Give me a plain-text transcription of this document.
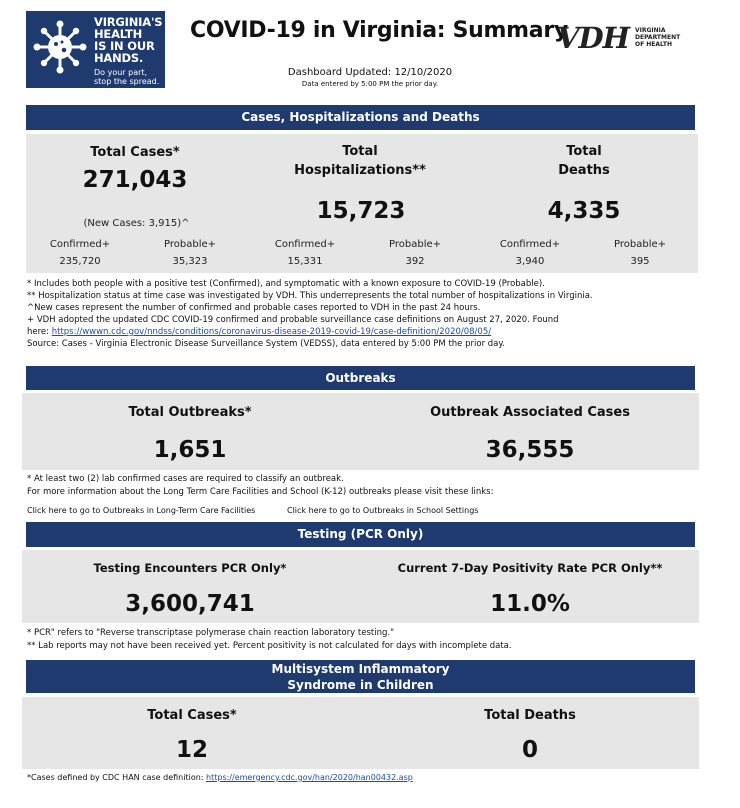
VIRGINIA'S
HEALTH
IS IN OUR
HANDS.
Do your part,
stop the spread.
COVID-19 in Virginia: Summary
VDH VIRGINIA
DEPARTMENT
OF HEALTH
Dashboard Updated: 12/10/2020
Data entered by 5:00 PM the prior day.
Cases, Hospitalizations and Deaths
Total Cases*
271,043
(New Cases: 3,915)^
Total
Hospitalizations**
15,723
Total
Deaths
4,335
Confirmed+
235,720
Probable+
35,323
Confirmed+
15,331
Probable+
392
Confirmed+
3,940
Probable+
395
* Includes both people with a positive test (Confirmed), and symptomatic with a known exposure to COVID-19 (Probable).
** Hospitalization status at time case was investigated by VDH. This underrepresents the total number of hospitalizations in Virginia.
^New cases represent the number of confirmed and probable cases reported to VDH in the past 24 hours.
+ VDH adopted the updated CDC COVID-19 confirmed and probable surveillance case definitions on August 27, 2020. Found
here: https://wwwn.cdc.gov/nndss/conditions/coronavirus-disease-2019-covid-19/case-definition/2020/08/05/
Source: Cases - Virginia Electronic Disease Surveillance System (VEDSS), data entered by 5:00 PM the prior day.
Outbreaks
Total Outbreaks*
1,651
Outbreak Associated Cases
36,555
* At least two (2) lab confirmed cases are required to classify an outbreak.
For more information about the Long Term Care Facilities and School (K-12) outbreaks please visit these links:
Click here to go to Outbreaks in Long-Term Care Facilities	Click here to go to Outbreaks in School Settings
Testing (PCR Only)
Testing Encounters PCR Only*
3,600,741
Current 7-Day Positivity Rate PCR Only**
11.0%
* PCR" refers to "Reverse transcriptase polymerase chain reaction laboratory testing."
** Lab reports may not have been received yet. Percent positivity is not calculated for days with incomplete data.
Multisystem Inflammatory
Syndrome in Children
Total Cases*
12
Total Deaths
0
*Cases defined by CDC HAN case definition: https://emergency.cdc.gov/han/2020/han00432.asp
